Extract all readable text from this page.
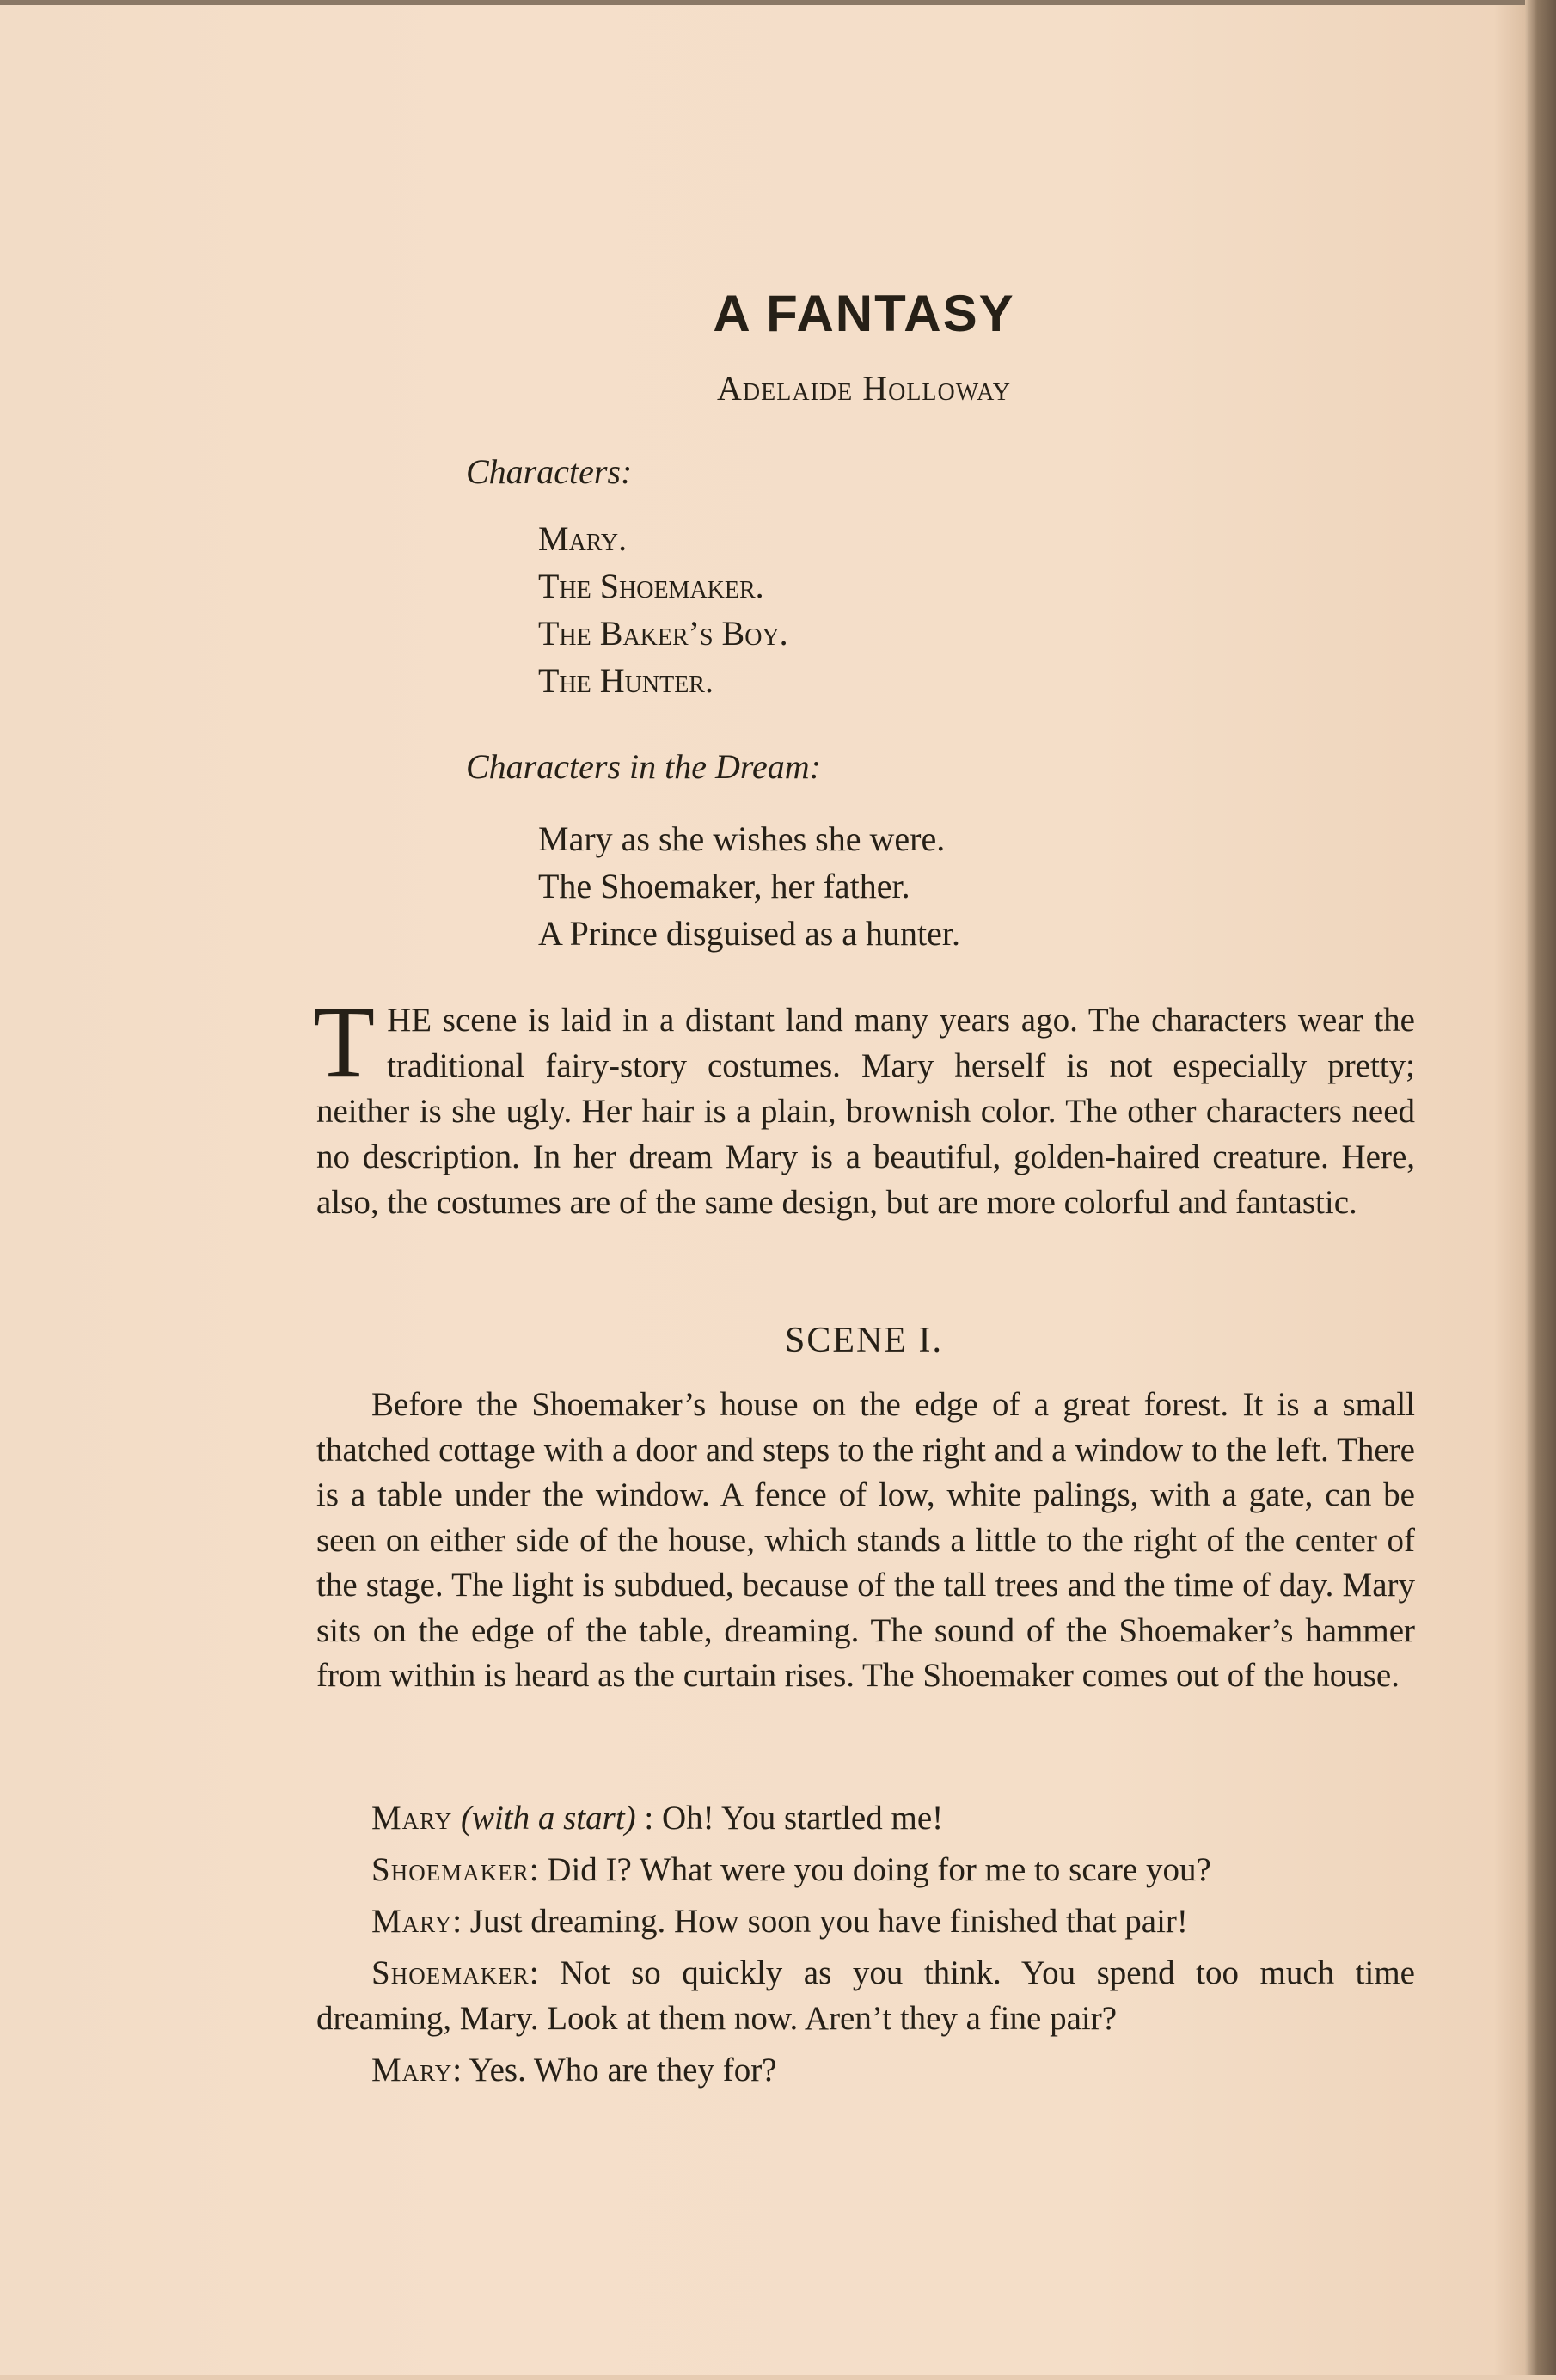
A FANTASY
Adelaide Holloway
Characters:
Mary.
The Shoemaker.
The Baker’s Boy.
The Hunter.
Characters in the Dream:
Mary as she wishes she were.
The Shoemaker, her father.
A Prince disguised as a hunter.
THE scene is laid in a distant land many years ago. The characters wear the traditional fairy-story costumes. Mary herself is not especially pretty; neither is she ugly. Her hair is a plain, brownish color. The other characters need no description. In her dream Mary is a beautiful, golden-haired creature. Here, also, the costumes are of the same design, but are more colorful and fantastic.
SCENE I.
Before the Shoemaker’s house on the edge of a great forest. It is a small thatched cottage with a door and steps to the right and a window to the left. There is a table under the window. A fence of low, white palings, with a gate, can be seen on either side of the house, which stands a little to the right of the center of the stage. The light is subdued, because of the tall trees and the time of day. Mary sits on the edge of the table, dreaming. The sound of the Shoemaker’s hammer from within is heard as the curtain rises. The Shoemaker comes out of the house.
Mary (with a start) : Oh! You startled me!
Shoemaker: Did I? What were you doing for me to scare you?
Mary: Just dreaming. How soon you have finished that pair!
Shoemaker: Not so quickly as you think. You spend too much time dreaming, Mary. Look at them now. Aren’t they a fine pair?
Mary: Yes. Who are they for?
